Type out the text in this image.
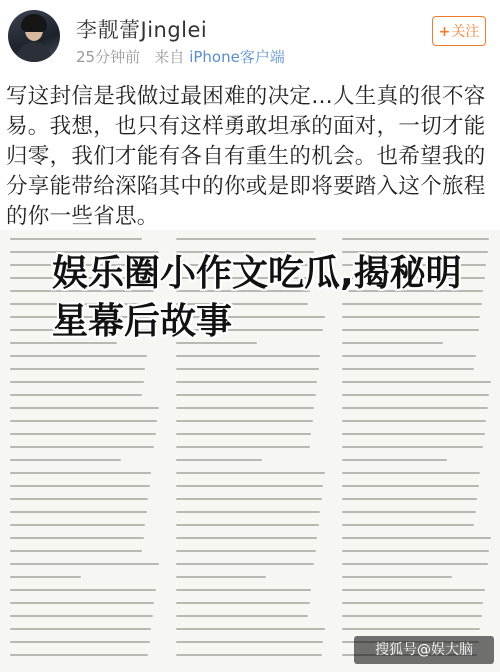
李靓蕾Jinglei
25分钟前 来自 iPhone客户端
+关注
写这封信是我做过最困难的决定…人生真的很不容易。我想，也只有这样勇敢坦承的面对，一切才能归零，我们才能有各自有重生的机会。也希望我的分享能带给深陷其中的你或是即将要踏入这个旅程的你一些省思。
娱乐圈小作文吃瓜,揭秘明星幕后故事
搜狐号@娱大脑
